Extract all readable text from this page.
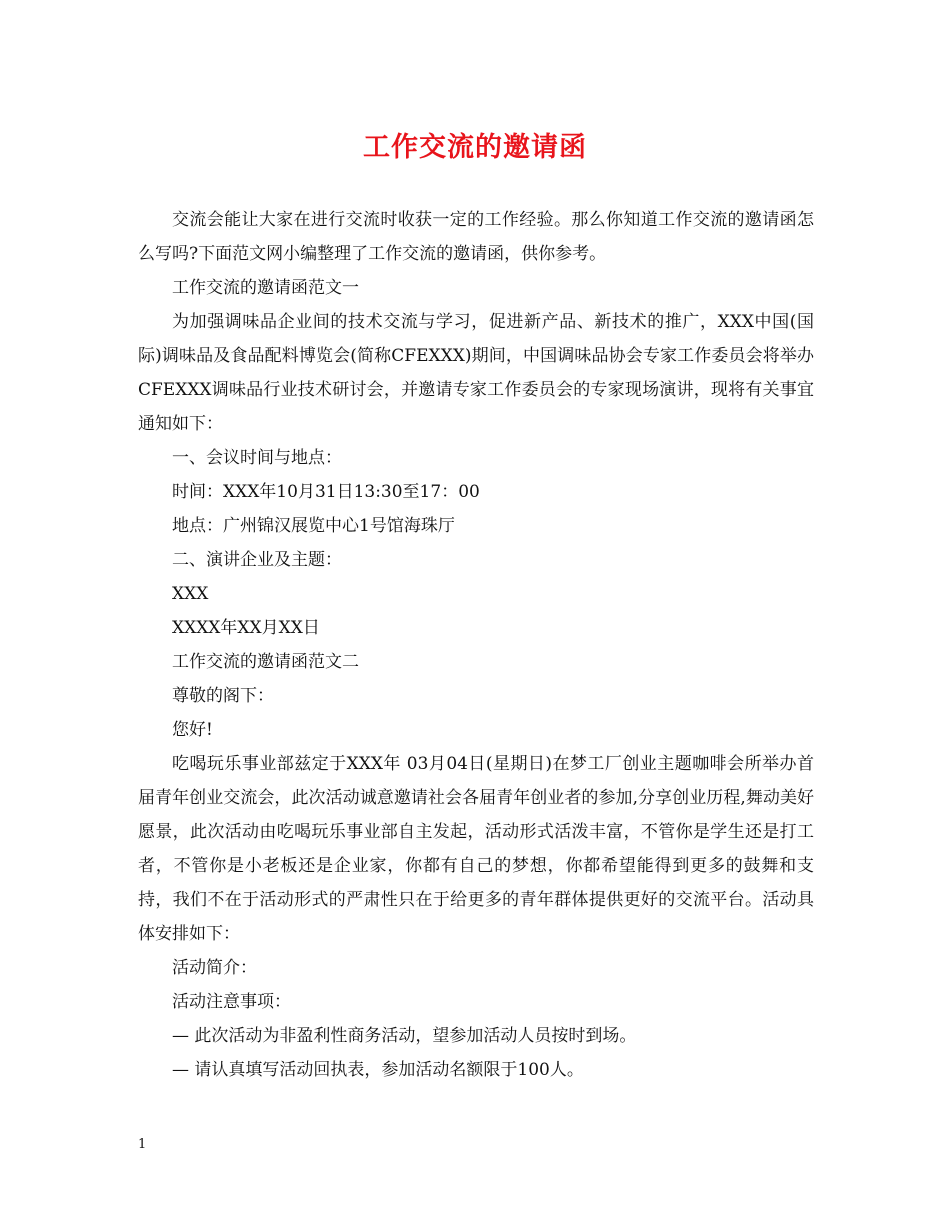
工作交流的邀请函

交流会能让大家在进行交流时收获一定的工作经验。那么你知道工作交流的邀请函怎么写吗?下面范文网小编整理了工作交流的邀请函，供你参考。

工作交流的邀请函范文一

为加强调味品企业间的技术交流与学习，促进新产品、新技术的推广，XXX中国(国际)调味品及食品配料博览会(简称CFEXXX)期间，中国调味品协会专家工作委员会将举办CFEXXX调味品行业技术研讨会，并邀请专家工作委员会的专家现场演讲，现将有关事宜通知如下：

一、会议时间与地点：

时间：XXX年10月31日13:30至17：00

地点：广州锦汉展览中心1号馆海珠厅

二、演讲企业及主题：

XXX

XXXX年XX月XX日

工作交流的邀请函范文二

尊敬的阁下：

您好!

吃喝玩乐事业部兹定于XXX年 03月04日(星期日)在梦工厂创业主题咖啡会所举办首届青年创业交流会，此次活动诚意邀请社会各届青年创业者的参加,分享创业历程,舞动美好愿景，此次活动由吃喝玩乐事业部自主发起，活动形式活泼丰富，不管你是学生还是打工者，不管你是小老板还是企业家，你都有自己的梦想，你都希望能得到更多的鼓舞和支持，我们不在于活动形式的严肃性只在于给更多的青年群体提供更好的交流平台。活动具体安排如下：

活动简介：

活动注意事项：

— 此次活动为非盈利性商务活动，望参加活动人员按时到场。

— 请认真填写活动回执表，参加活动名额限于100人。

1
